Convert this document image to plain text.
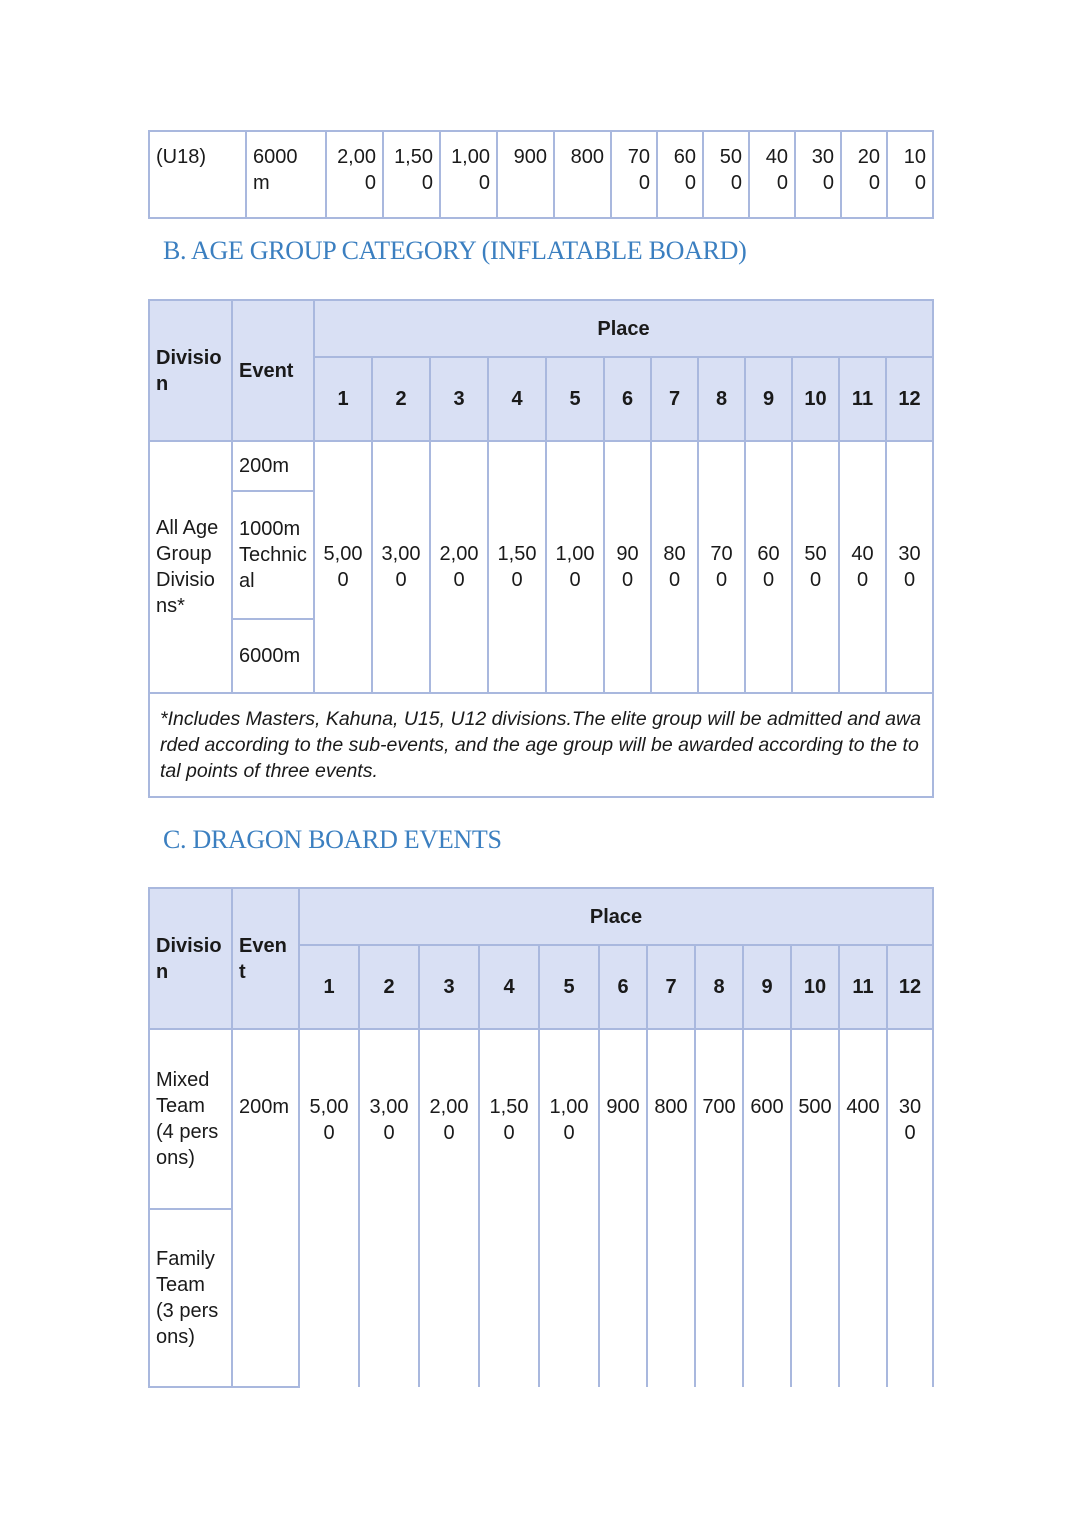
(U18)	6000 m	2,000	1,500	1,000	900	800	700	600	500	400	300	200	100
B. AGE GROUP CATEGORY (INFLATABLE BOARD)
Division	Event	Place											
		1	2	3	4	5	6	7	8	9	10	11	12
All Age Group Divisions*	200m	5,000	3,000	2,000	1,500	1,000	900	800	700	600	500	400	300
	1000m Technical												
	6000m												
*Includes Masters, Kahuna, U15, U12 divisions.The elite group will be admitted and awarded according to the sub-events, and the age group will be awarded according to the total points of three events.													
C. DRAGON BOARD EVENTS
Division	Event	Place											
		1	2	3	4	5	6	7	8	9	10	11	12
Mixed Team (4 persons)	200m	5,000	3,000	2,000	1,500	1,000	900	800	700	600	500	400	300
Family Team (3 persons)													
